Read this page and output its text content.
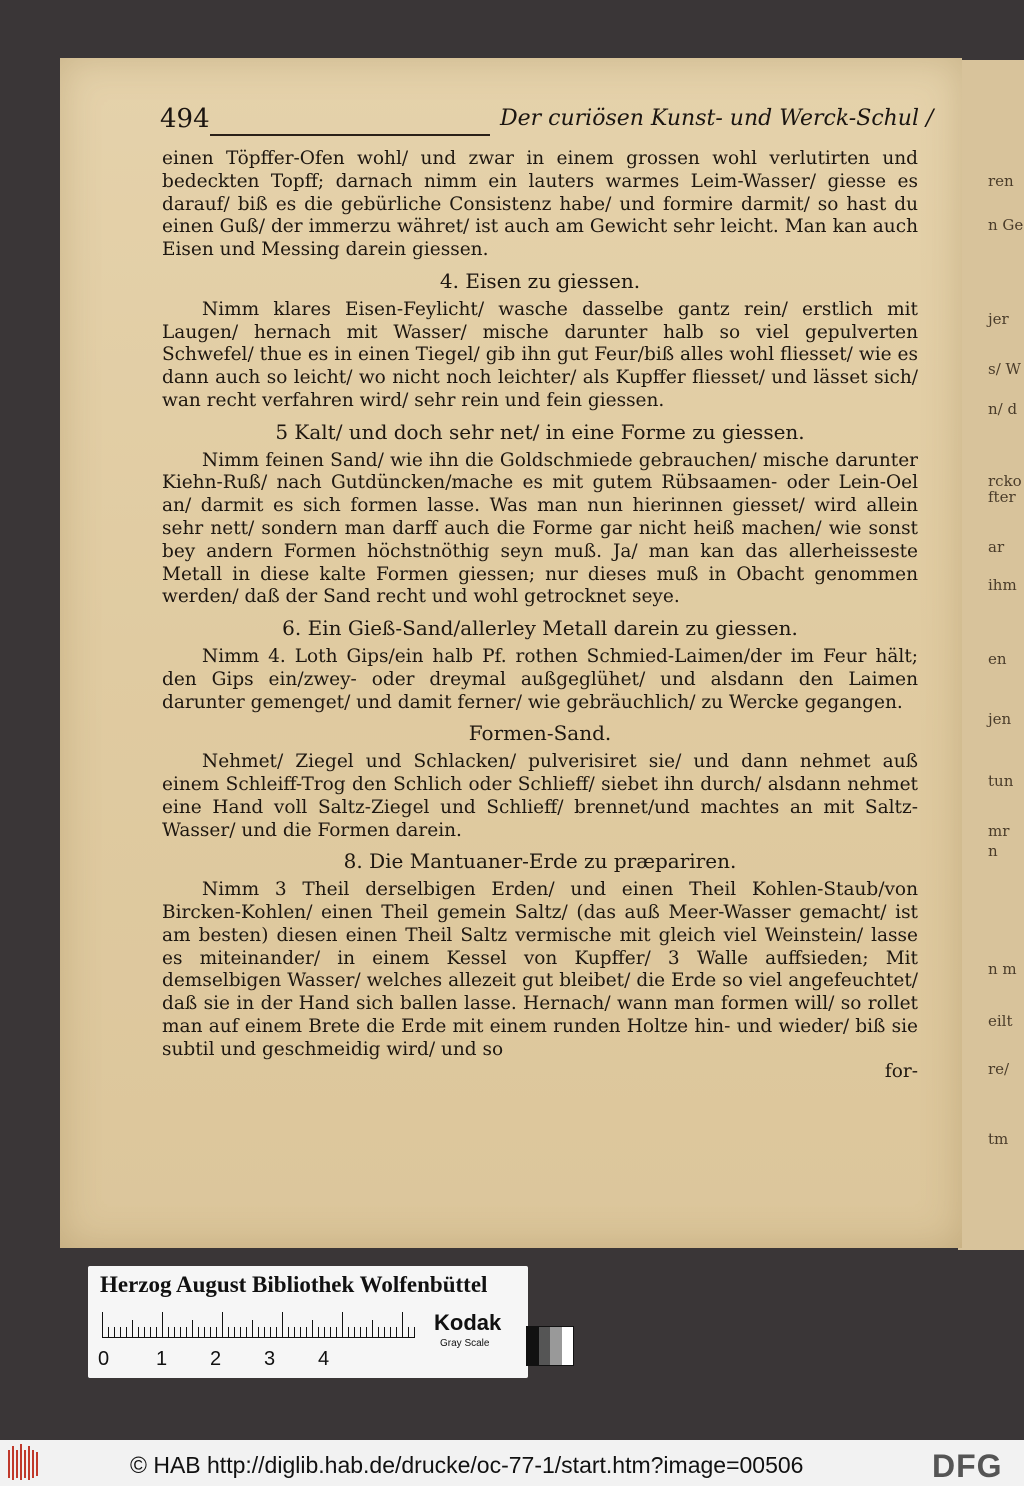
ren
n Ge
jer
s/ W
n/ d
rcko
fter
ar
ihm
en
jen
tun
mr
n
n m
eilt
re/
tm
494	Der curiösen Kunst- und Werck-Schul /

einen Töpffer-Ofen wohl/ und zwar in einem grossen wohl verlutirten und bedeckten Topff; darnach nimm ein lauters warmes Leim-Wasser/ giesse es darauf/ biß es die gebürliche Consistenz habe/ und formire darmit/ so hast du einen Guß/ der immerzu währet/ ist auch am Gewicht sehr leicht. Man kan auch Eisen und Messing darein giessen.

4. Eisen zu giessen.

Nimm klares Eisen-Feylicht/ wasche dasselbe gantz rein/ erstlich mit Laugen/ hernach mit Wasser/ mische darunter halb so viel gepulverten Schwefel/ thue es in einen Tiegel/ gib ihn gut Feur/biß alles wohl fliesset/ wie es dann auch so leicht/ wo nicht noch leichter/ als Kupffer fliesset/ und lässet sich/ wan recht verfahren wird/ sehr rein und fein giessen.

5 Kalt/ und doch sehr net/ in eine Forme zu giessen.

Nimm feinen Sand/ wie ihn die Goldschmiede gebrauchen/ mische darunter Kiehn-Ruß/ nach Gutdüncken/mache es mit gutem Rübsaamen- oder Lein-Oel an/ darmit es sich formen lasse. Was man nun hierinnen giesset/ wird allein sehr nett/ sondern man darff auch die Forme gar nicht heiß machen/ wie sonst bey andern Formen höchstnöthig seyn muß. Ja/ man kan das allerheisseste Metall in diese kalte Formen giessen; nur dieses muß in Obacht genommen werden/ daß der Sand recht und wohl getrocknet seye.

6. Ein Gieß-Sand/allerley Metall darein zu giessen.

Nimm 4. Loth Gips/ein halb Pf. rothen Schmied-Laimen/der im Feur hält; den Gips ein/zwey- oder dreymal außgeglühet/ und alsdann den Laimen darunter gemenget/ und damit ferner/ wie gebräuchlich/ zu Wercke gegangen.

Formen-Sand.

Nehmet/ Ziegel und Schlacken/ pulverisiret sie/ und dann nehmet auß einem Schleiff-Trog den Schlich oder Schlieff/ siebet ihn durch/ alsdann nehmet eine Hand voll Saltz-Ziegel und Schlieff/ brennet/und machtes an mit Saltz-Wasser/ und die Formen darein.

8. Die Mantuaner-Erde zu præpariren.

Nimm 3 Theil derselbigen Erden/ und einen Theil Kohlen-Staub/von Bircken-Kohlen/ einen Theil gemein Saltz/ (das auß Meer-Wasser gemacht/ ist am besten) diesen einen Theil Saltz vermische mit gleich viel Weinstein/ lasse es miteinander/ in einem Kessel von Kupffer/ 3 Walle auffsieden; Mit demselbigen Wasser/ welches allezeit gut bleibet/ die Erde so viel angefeuchtet/ daß sie in der Hand sich ballen lasse. Hernach/ wann man formen will/ so rollet man auf einem Brete die Erde mit einem runden Holtze hin- und wieder/ biß sie subtil und geschmeidig wird/ und so

for-

Herzog August Bibliothek Wolfenbüttel
0 1 2 3 4
Kodak
Gray Scale
© HAB http://diglib.hab.de/drucke/oc-77-1/start.htm?image=00506	DFG
